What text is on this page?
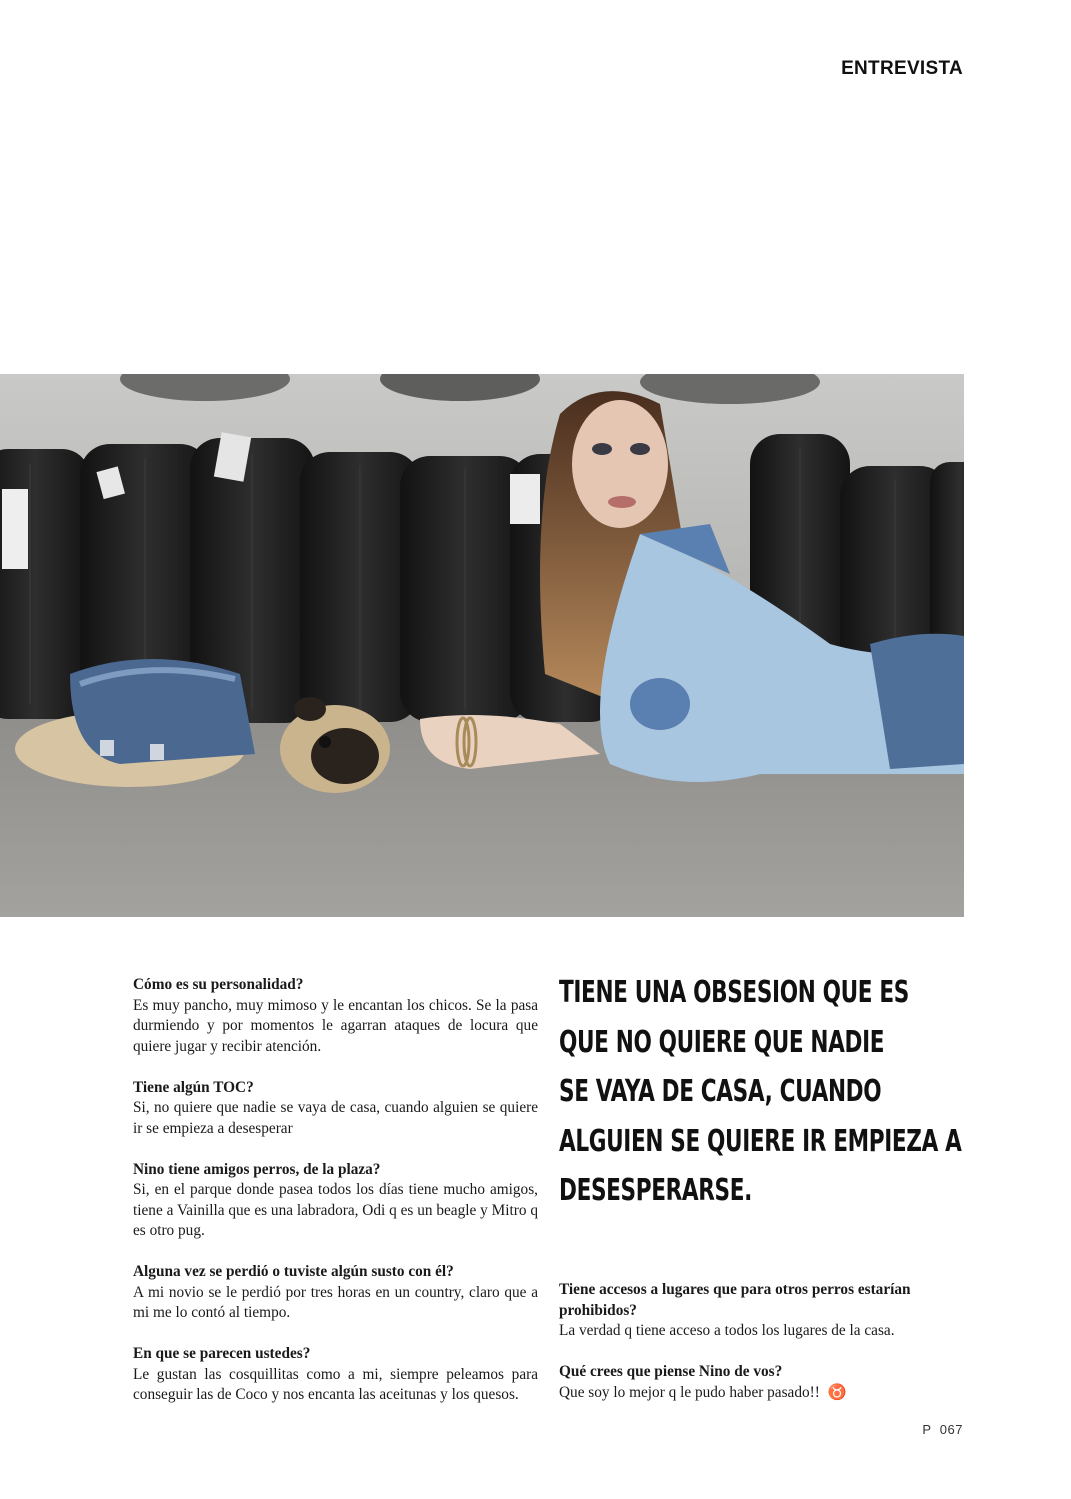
ENTREVISTA
Cómo es su personalidad?
Es muy pancho, muy mimoso y le encantan los chicos. Se la pasa durmiendo y por momentos le agarran ataques de locura que quiere jugar y recibir atención.
Tiene algún TOC?
Si, no quiere que nadie se vaya de casa, cuando alguien se quiere ir se empieza a desesperar
Nino tiene amigos perros, de la plaza?
Si, en el parque donde pasea todos los días tiene mucho amigos, tiene a Vainilla que es una labradora, Odi q es un beagle y Mitro q es otro pug.
Alguna vez se perdió o tuviste algún susto con él?
A mi novio se le perdió por tres horas en un country, claro que a mi me lo contó al tiempo.
En que se parecen ustedes?
Le gustan las cosquillitas como a mi, siempre peleamos para conseguir las de Coco y nos encanta las aceitunas y los quesos.
TIENE UNA OBSESION QUE ES
QUE NO QUIERE QUE NADIE
SE VAYA DE CASA, CUANDO
ALGUIEN SE QUIERE IR EMPIEZA A
DESESPERARSE.
Tiene accesos a lugares que para otros perros estarían prohibidos?
La verdad q tiene acceso a todos los lugares de la casa.
Qué crees que piense Nino de vos?
Que soy lo mejor q le pudo haber pasado!! ♉
P 067
